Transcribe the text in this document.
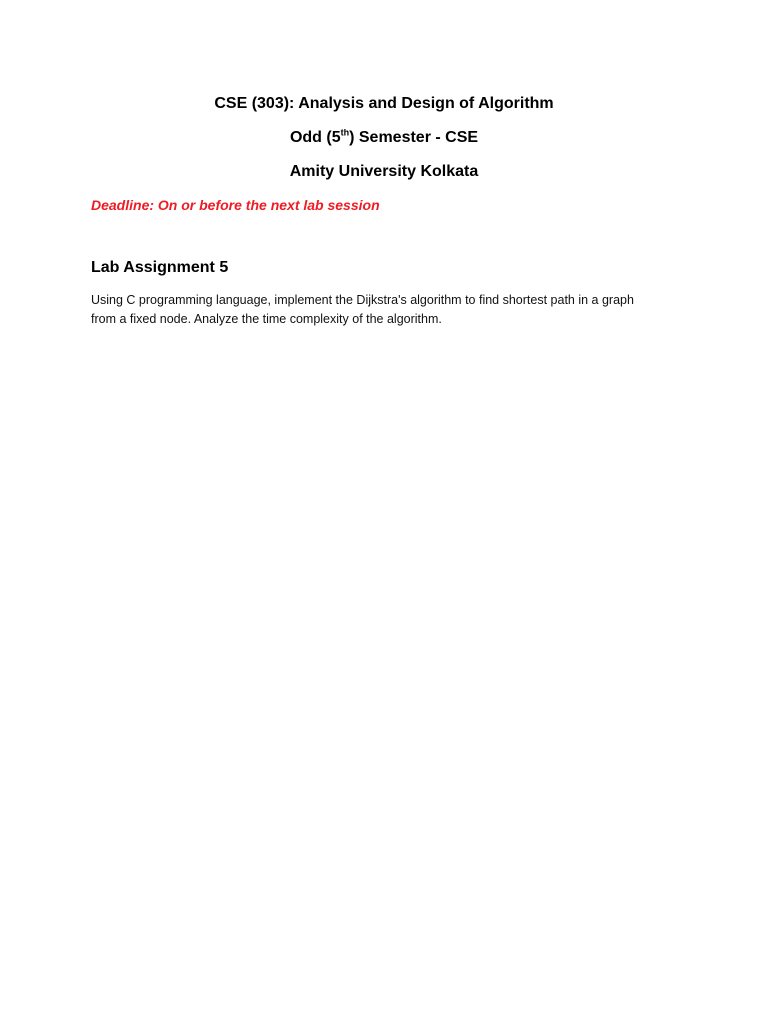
CSE (303): Analysis and Design of Algorithm
Odd (5th) Semester - CSE
Amity University Kolkata
Deadline: On or before the next lab session
Lab Assignment 5

Using C programming language, implement the Dijkstra's algorithm to find shortest path in a graph

from a fixed node. Analyze the time complexity of the algorithm.
